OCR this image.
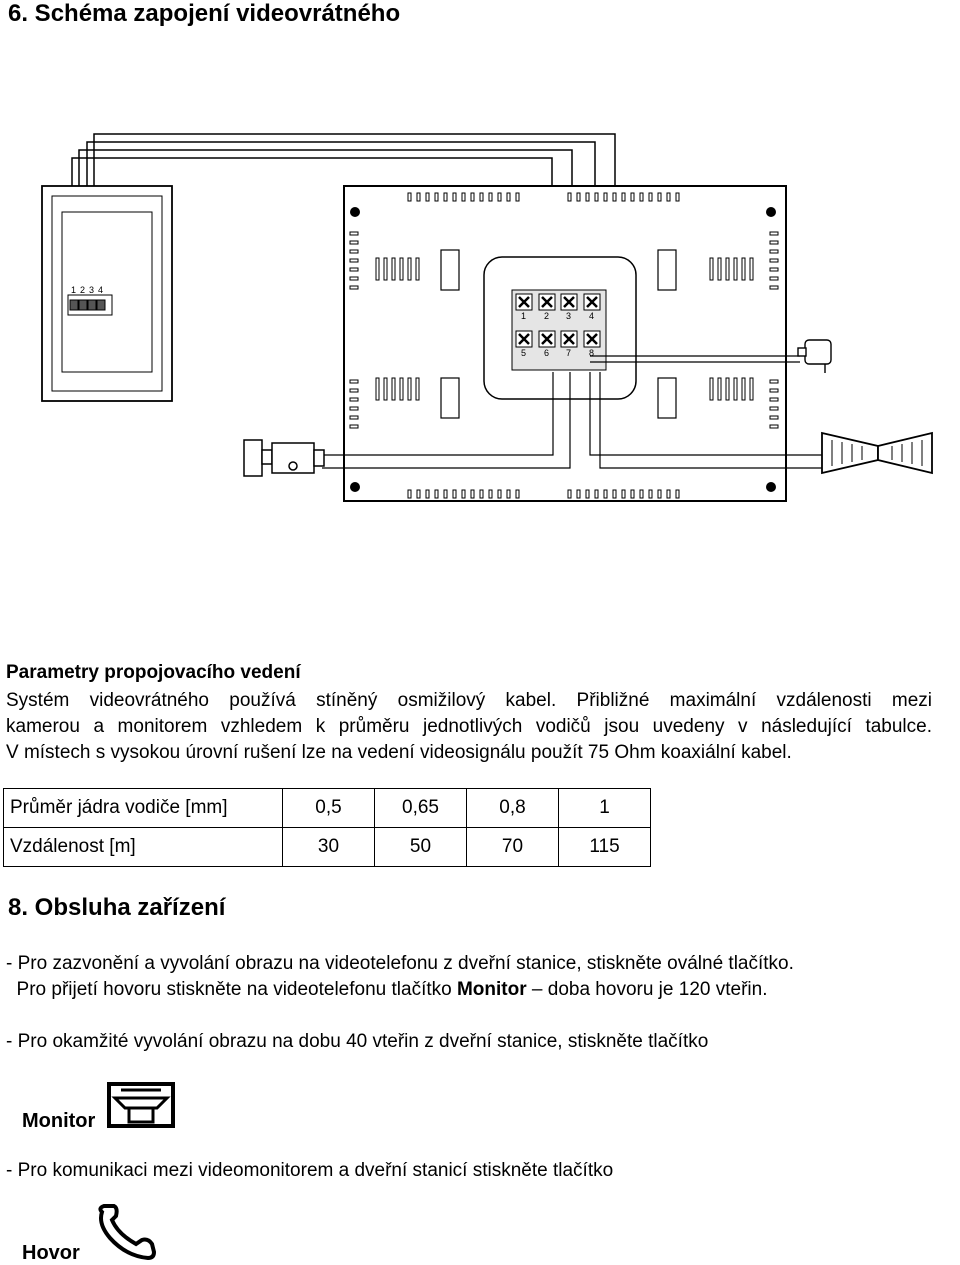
6. Schéma zapojení videovrátného
1 2 3 4
1 2 3 4
5 6 7 8
Parametry propojovacího vedení
Systém videovrátného používá stíněný osmižilový kabel. Přibližné maximální vzdálenosti mezi
kamerou a monitorem vzhledem k průměru jednotlivých vodičů jsou uvedeny v následující tabulce.
V místech s vysokou úrovní rušení lze na vedení videosignálu použít 75 Ohm koaxiální kabel.
Průměr jádra vodiče [mm]	0,5	0,65	0,8	1
Vzdálenost [m]	30	50	70	115
8. Obsluha zařízení
- Pro zazvonění a vyvolání obrazu na videotelefonu z dveřní stanice, stiskněte oválné tlačítko.
Pro přijetí hovoru stiskněte na videotelefonu tlačítko Monitor – doba hovoru je 120 vteřin.
- Pro okamžité vyvolání obrazu na dobu 40 vteřin z dveřní stanice, stiskněte tlačítko
Monitor
- Pro komunikaci mezi videomonitorem a dveřní stanicí stiskněte tlačítko
Hovor
